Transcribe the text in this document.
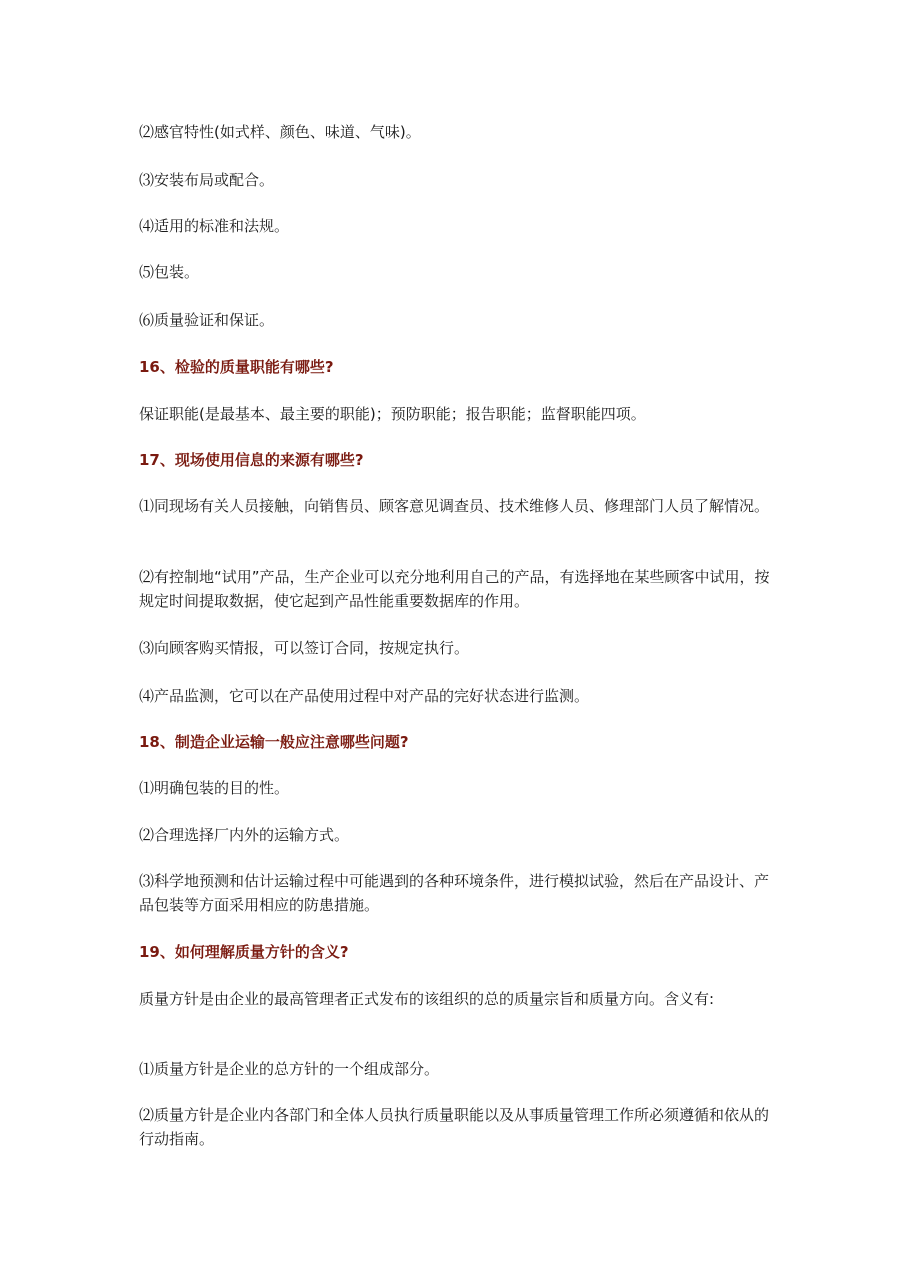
⑵感官特性(如式样、颜色、味道、气味)。

⑶安装布局或配合。

⑷适用的标准和法规。

⑸包装。

⑹质量验证和保证。

16、检验的质量职能有哪些?

保证职能(是最基本、最主要的职能)；预防职能；报告职能；监督职能四项。

17、现场使用信息的来源有哪些?

⑴同现场有关人员接触，向销售员、顾客意见调查员、技术维修人员、修理部门人员了解情况。

⑵有控制地“试用”产品，生产企业可以充分地利用自己的产品，有选择地在某些顾客中试用，按规定时间提取数据，使它起到产品性能重要数据库的作用。

⑶向顾客购买情报，可以签订合同，按规定执行。

⑷产品监测，它可以在产品使用过程中对产品的完好状态进行监测。

18、制造企业运输一般应注意哪些问题?

⑴明确包装的目的性。

⑵合理选择厂内外的运输方式。

⑶科学地预测和估计运输过程中可能遇到的各种环境条件，进行模拟试验，然后在产品设计、产品包装等方面采用相应的防患措施。

19、如何理解质量方针的含义?

质量方针是由企业的最高管理者正式发布的该组织的总的质量宗旨和质量方向。含义有:

⑴质量方针是企业的总方针的一个组成部分。

⑵质量方针是企业内各部门和全体人员执行质量职能以及从事质量管理工作所必须遵循和依从的行动指南。
